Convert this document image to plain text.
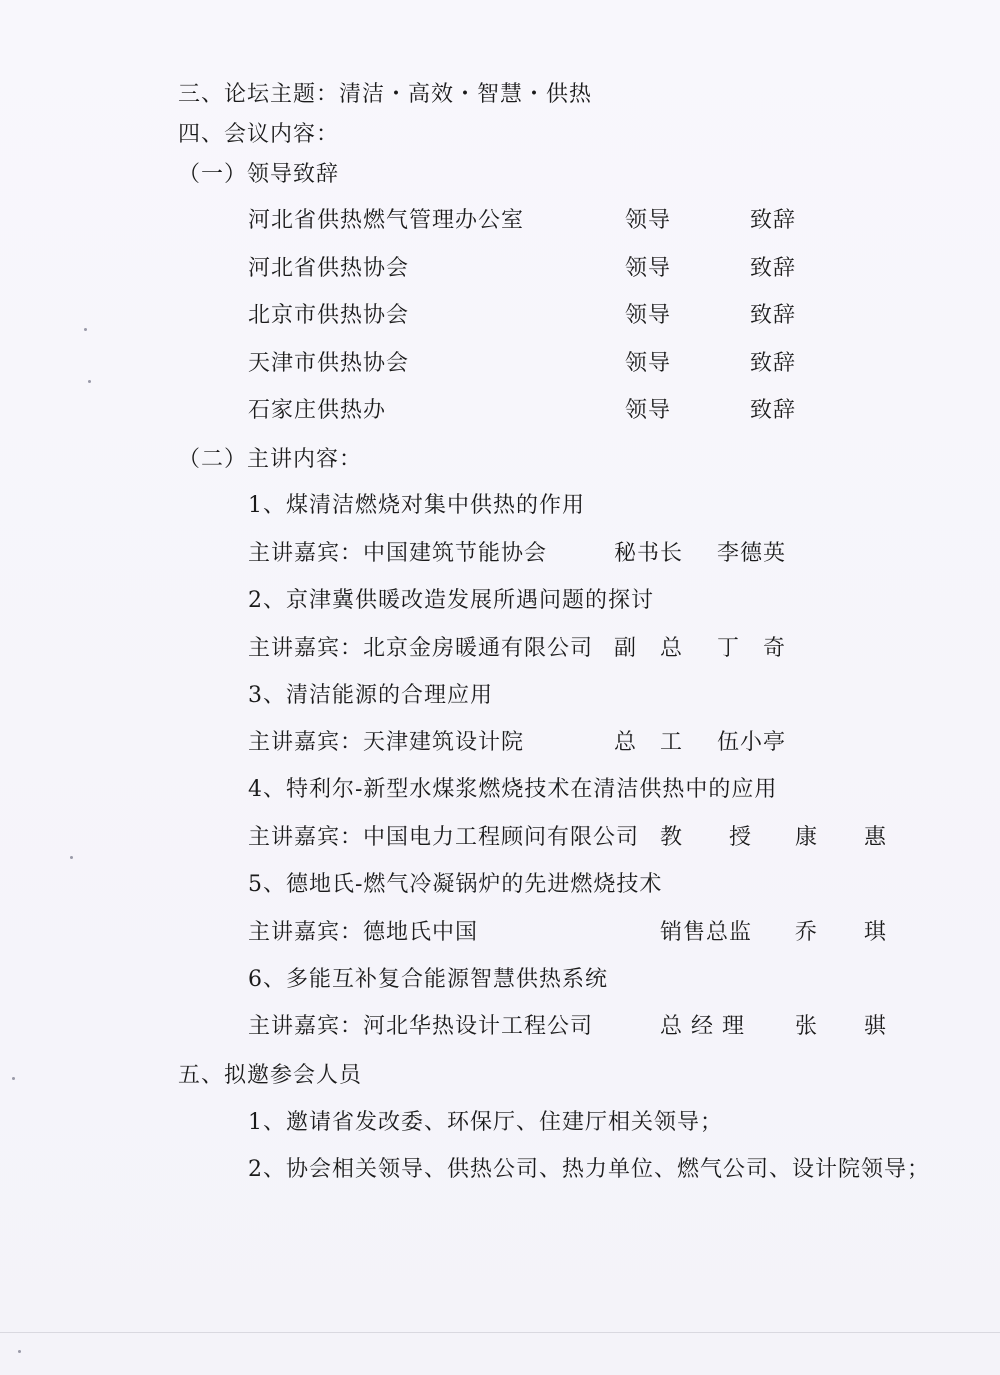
三、论坛主题：清洁・高效・智慧・供热
四、会议内容：
（一）领导致辞
河北省供热燃气管理办公室	领导	致辞
河北省供热协会	领导	致辞
北京市供热协会	领导	致辞
天津市供热协会	领导	致辞
石家庄供热办	领导	致辞
（二）主讲内容：
1、煤清洁燃烧对集中供热的作用
主讲嘉宾：中国建筑节能协会	秘书长 李德英
2、京津冀供暖改造发展所遇问题的探讨
主讲嘉宾：北京金房暖通有限公司 副　总 丁　奇
3、清洁能源的合理应用
主讲嘉宾：天津建筑设计院	总　工 伍小亭
4、特利尔-新型水煤浆燃烧技术在清洁供热中的应用
主讲嘉宾：中国电力工程顾问有限公司 教　　授 康　　惠
5、德地氏-燃气冷凝锅炉的先进燃烧技术
主讲嘉宾：德地氏中国	销售总监 乔　　琪
6、多能互补复合能源智慧供热系统
主讲嘉宾：河北华热设计工程公司	总 经 理 张　　骐
五、拟邀参会人员
1、邀请省发改委、环保厅、住建厅相关领导；
2、协会相关领导、供热公司、热力单位、燃气公司、设计院领导；
